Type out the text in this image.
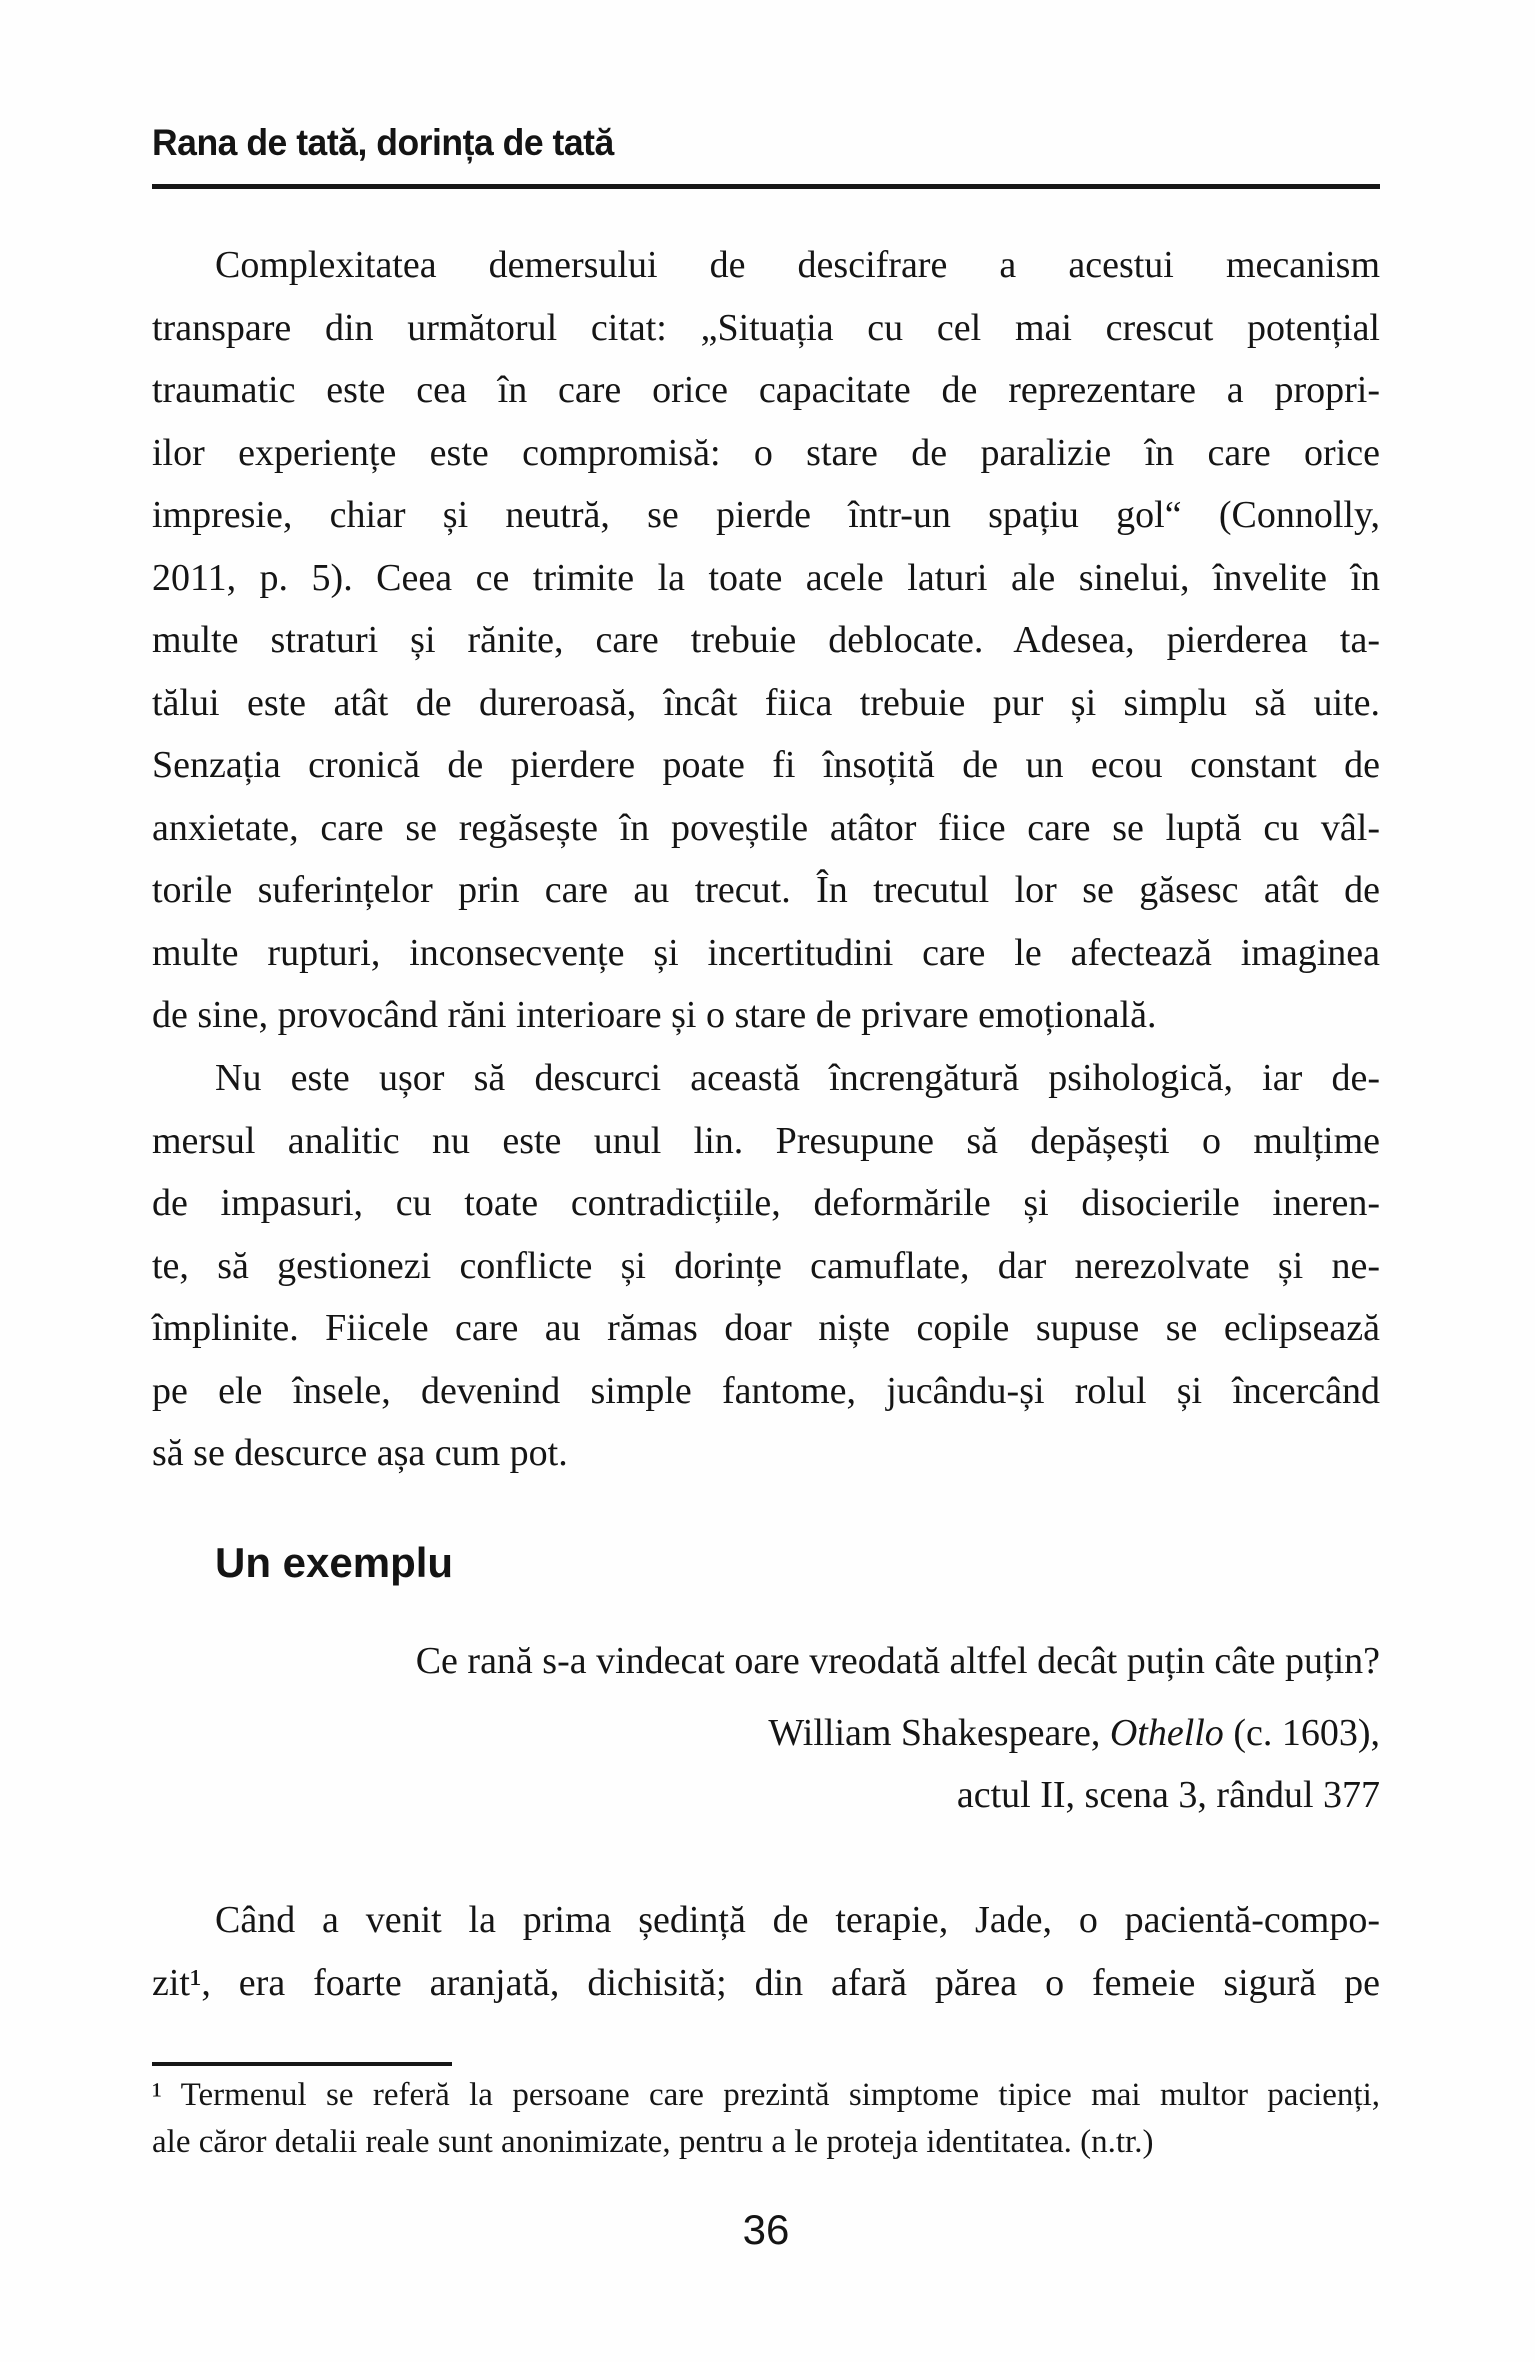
Rana de tată, dorința de tată
Complexitatea demersului de descifrare a acestui mecanism
transpare din următorul citat: „Situația cu cel mai crescut potențial
traumatic este cea în care orice capacitate de reprezentare a propri-
ilor experiențe este compromisă: o stare de paralizie în care orice
impresie, chiar și neutră, se pierde într-un spațiu gol“ (Connolly,
2011, p. 5). Ceea ce trimite la toate acele laturi ale sinelui, învelite în
multe straturi și rănite, care trebuie deblocate. Adesea, pierderea ta-
tălui este atât de dureroasă, încât fiica trebuie pur și simplu să uite.
Senzația cronică de pierdere poate fi însoțită de un ecou constant de
anxietate, care se regăsește în poveștile atâtor fiice care se luptă cu vâl-
torile suferințelor prin care au trecut. În trecutul lor se găsesc atât de
multe rupturi, inconsecvențe și incertitudini care le afectează imaginea
de sine, provocând răni interioare și o stare de privare emoțională.
Nu este ușor să descurci această încrengătură psihologică, iar de-
mersul analitic nu este unul lin. Presupune să depășești o mulțime
de impasuri, cu toate contradicțiile, deformările și disocierile ineren-
te, să gestionezi conflicte și dorințe camuflate, dar nerezolvate și ne-
împlinite. Fiicele care au rămas doar niște copile supuse se eclipsează
pe ele însele, devenind simple fantome, jucându-și rolul și încercând
să se descurce așa cum pot.
Un exemplu
Ce rană s-a vindecat oare vreodată altfel decât puțin câte puțin?
William Shakespeare, Othello (c. 1603),
actul II, scena 3, rândul 377
Când a venit la prima ședință de terapie, Jade, o pacientă-compo-
zit¹, era foarte aranjată, dichisită; din afară părea o femeie sigură pe
¹ Termenul se referă la persoane care prezintă simptome tipice mai multor pacienți,
ale căror detalii reale sunt anonimizate, pentru a le proteja identitatea. (n.tr.)
36
